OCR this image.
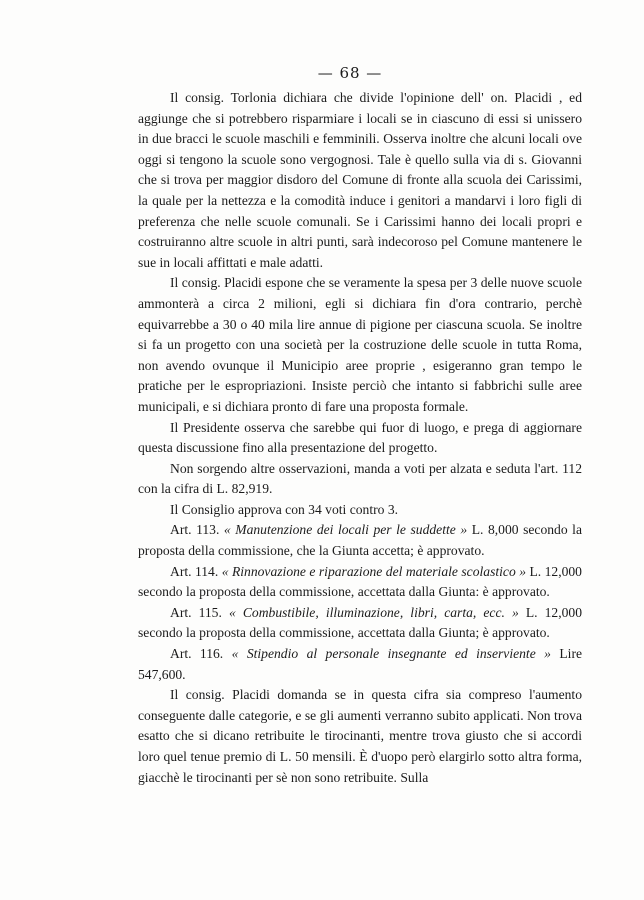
— 68 —

Il consig. Torlonia dichiara che divide l'opinione dell' on. Placidi , ed aggiunge che si potrebbero risparmiare i locali se in ciascuno di essi si unissero in due bracci le scuole maschili e femminili. Osserva inoltre che alcuni locali ove oggi si tengono la scuole sono vergognosi. Tale è quello sulla via di s. Giovanni che si trova per maggior disdoro del Comune di fronte alla scuola dei Carissimi, la quale per la nettezza e la comodità induce i genitori a mandarvi i loro figli di preferenza che nelle scuole comunali. Se i Carissimi hanno dei locali propri e costruiranno altre scuole in altri punti, sarà indecoroso pel Comune mantenere le sue in locali affittati e male adatti.

Il consig. Placidi espone che se veramente la spesa per 3 delle nuove scuole ammonterà a circa 2 milioni, egli si dichiara fin d'ora contrario, perchè equivarrebbe a 30 o 40 mila lire annue di pigione per ciascuna scuola. Se inoltre si fa un progetto con una società per la costruzione delle scuole in tutta Roma, non avendo ovunque il Municipio aree proprie , esigeranno gran tempo le pratiche per le espropriazioni. Insiste perciò che intanto si fabbrichi sulle aree municipali, e si dichiara pronto di fare una proposta formale.

Il Presidente osserva che sarebbe qui fuor di luogo, e prega di aggiornare questa discussione fino alla presentazione del progetto.

Non sorgendo altre osservazioni, manda a voti per alzata e seduta l'art. 112 con la cifra di L. 82,919.

Il Consiglio approva con 34 voti contro 3.

Art. 113. « Manutenzione dei locali per le suddette » L. 8,000 secondo la proposta della commissione, che la Giunta accetta; è approvato.

Art. 114. « Rinnovazione e riparazione del materiale scolastico » L. 12,000 secondo la proposta della commissione, accettata dalla Giunta: è approvato.

Art. 115. « Combustibile, illuminazione, libri, carta, ecc. » L. 12,000 secondo la proposta della commissione, accettata dalla Giunta; è approvato.

Art. 116. « Stipendio al personale insegnante ed inserviente » Lire 547,600.

Il consig. Placidi domanda se in questa cifra sia compreso l'aumento conseguente dalle categorie, e se gli aumenti verranno subito applicati. Non trova esatto che si dicano retribuite le tirocinanti, mentre trova giusto che si accordi loro quel tenue premio di L. 50 mensili. È d'uopo però elargirlo sotto altra forma, giacchè le tirocinanti per sè non sono retribuite. Sulla
